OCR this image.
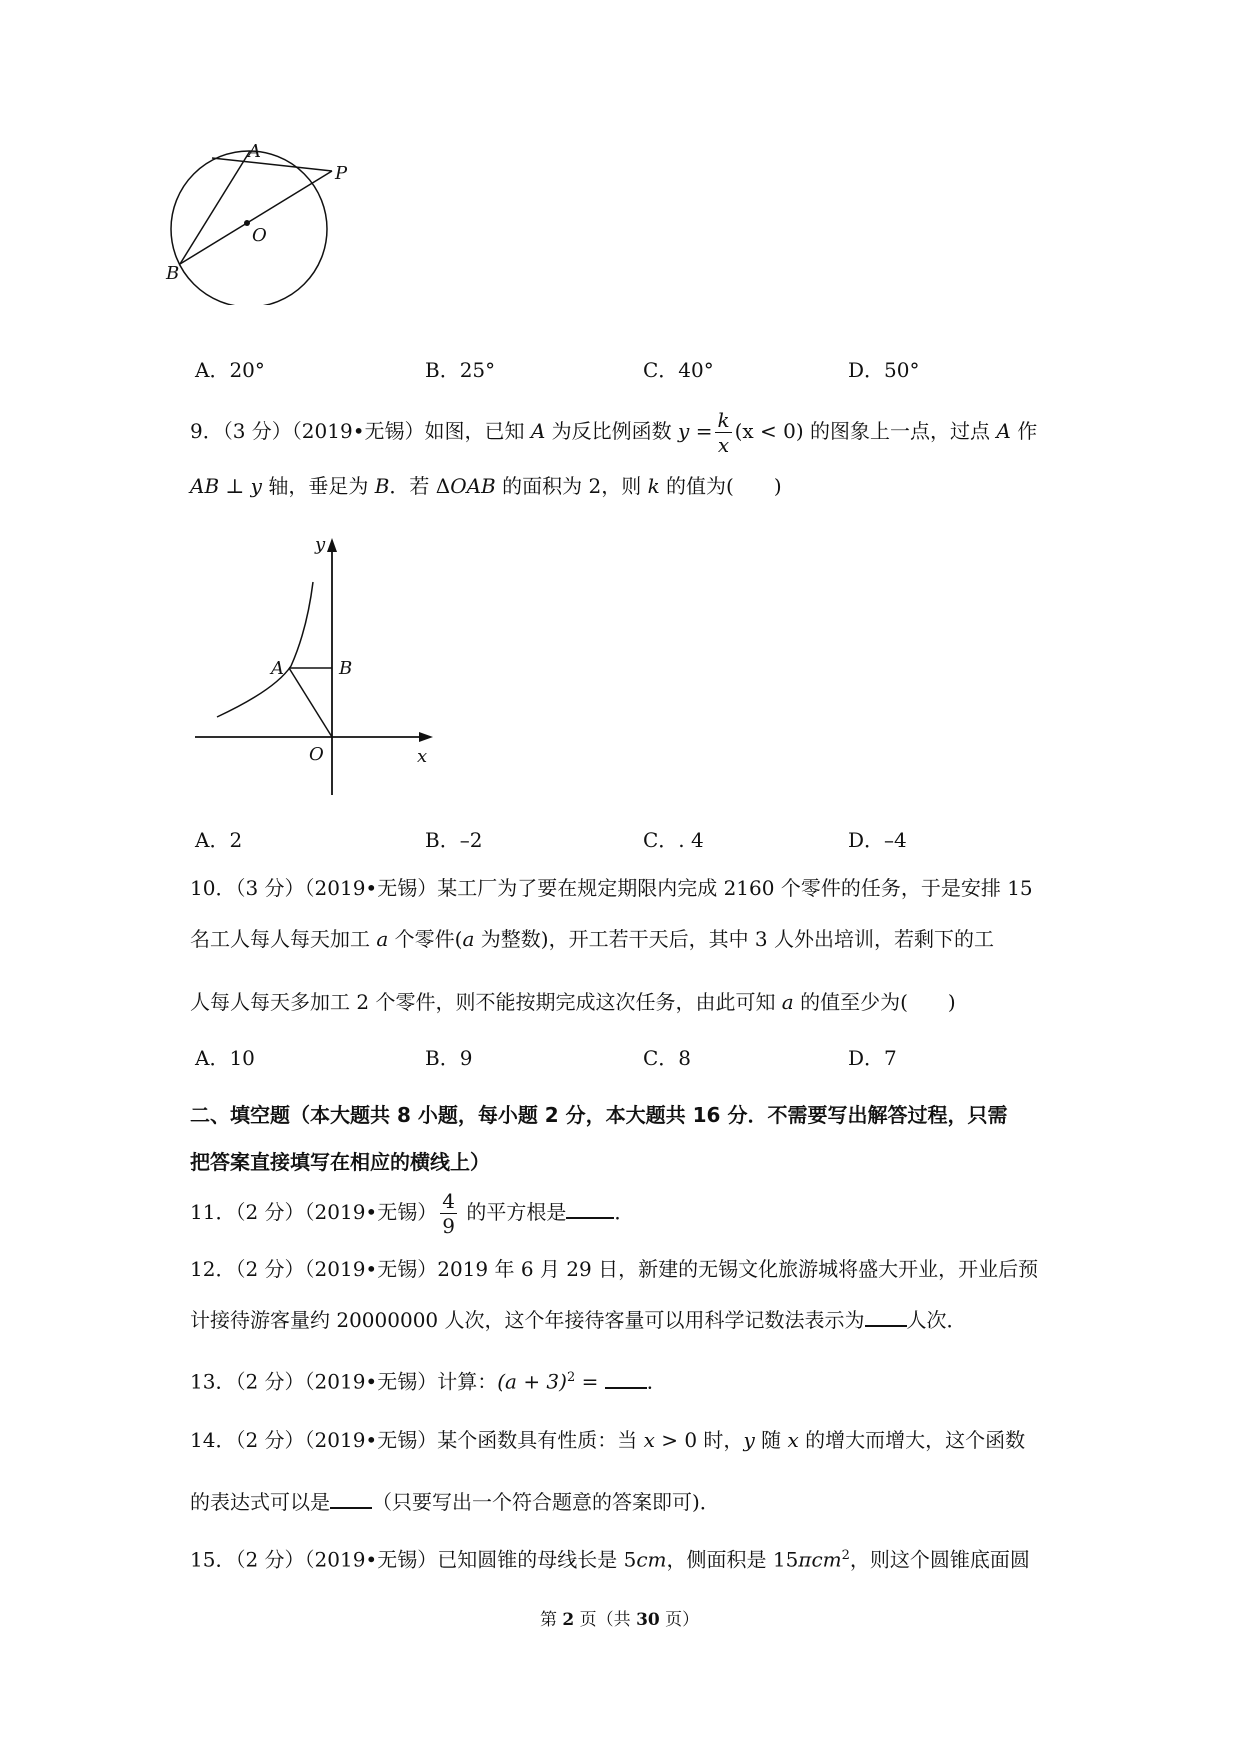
A
P
O
B
A．20°	B．25°	C．40°	D．50°
9．（3 分）（2019•无锡）如图，已知 A 为反比例函数 $y = \frac{k}{x} (x < 0)$ 的图象上一点，过点 A 作
AB ⊥ y 轴，垂足为 B．若 ΔOAB 的面积为 2，则 k 的值为(　　)
y
x
A	B
O
A．2	B．–2	C．. 4	D．–4
10．（3 分）（2019•无锡）某工厂为了要在规定期限内完成 2160 个零件的任务，于是安排 15
名工人每人每天加工 a 个零件(a 为整数)，开工若干天后，其中 3 人外出培训，若剩下的工
人每人每天多加工 2 个零件，则不能按期完成这次任务，由此可知 a 的值至少为(　　)
A．10	B．9	C．8	D．7
二、填空题（本大题共 8 小题，每小题 2 分，本大题共 16 分．不需要写出解答过程，只需
把答案直接填写在相应的横线上）
11．（2 分）（2019•无锡） $\frac{4}{9}$ 的平方根是 ．
12．（2 分）（2019•无锡）2019 年 6 月 29 日，新建的无锡文化旅游城将盛大开业，开业后预
计接待游客量约 20000000 人次，这个年接待客量可以用科学记数法表示为 人次．
13．（2 分）（2019•无锡）计算：$(a + 3)^2$ = ．
14．（2 分）（2019•无锡）某个函数具有性质：当 x > 0 时，y 随 x 的增大而增大，这个函数
的表达式可以是 （只要写出一个符合题意的答案即可)．
15．（2 分）（2019•无锡）已知圆锥的母线长是 5cm，侧面积是 15πcm$^2$，则这个圆锥底面圆
第 2 页（共 30 页）
